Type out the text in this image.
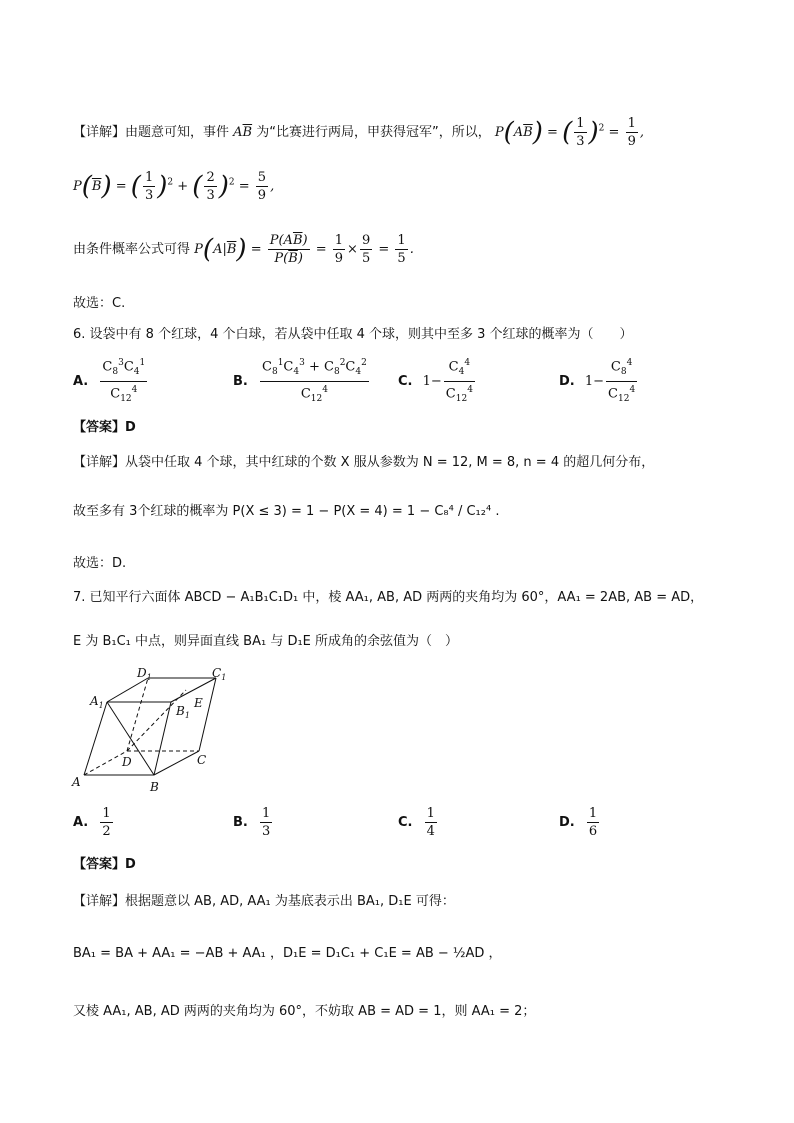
【详解】由题意可知，事件 $A\overline{B}$ 为“比赛进行两局，甲获得冠军”，所以， $P(A\overline{B})$ = ( $\frac{1}{3} )^2 = \frac{1}{9}$ ,
$P(\overline{B})$ = ( $\frac{1}{3} )^2$ + ( $\frac{2}{3} )^2 = \frac{5}{9}$ ,
由条件概率公式可得 $P(A|\overline{B}) = \frac{P(A\overline{B})}{P(\overline{B})} = \frac{1}{9} \times \frac{9}{5} = \frac{1}{5}$ .
故选：C.
6. 设袋中有 8 个红球，4 个白球，若从袋中任取 4 个球，则其中至多 3 个红球的概率为（　　）
A. $\frac{C_8^3C_4^1}{C_{12}^4}$	B. $\frac{C_8^1C_4^3 + C_8^2C_4^2}{C_{12}^4} C$. $1- \frac{C_4^4}{C_{12}^4}$	D. $1- \frac{C_8^4}{C_{12}^4}$
【答案】D
【详解】从袋中任取 4 个球，其中红球的个数 X 服从参数为 N = 12, M = 8, n = 4 的超几何分布，
故至多有 3个红球的概率为 P(X ≤ 3) = 1 − P(X = 4) = 1 − C₈⁴ / C₁₂⁴ .
故选：D.
7. 已知平行六面体 ABCD − A₁B₁C₁D₁ 中，棱 AA₁, AB, AD 两两的夹角均为 60°，AA₁ = 2AB, AB = AD，
E 为 B₁C₁ 中点，则异面直线 BA₁ 与 D₁E 所成角的余弦值为（　）
$D_1$	$C_1$
$A_1$	$B_1$
E
D	C
A	B
A. $\frac{1}{2}$	B. $\frac{1}{3}$	C. $\frac{1}{4}$	D. $\frac{1}{6}$
【答案】D
【详解】根据题意以 AB, AD, AA₁ 为基底表示出 BA₁, D₁E 可得：
BA₁ = BA + AA₁ = −AB + AA₁ ，D₁E = D₁C₁ + C₁E = AB − ½AD ，
又棱 AA₁, AB, AD 两两的夹角均为 60°，不妨取 AB = AD = 1，则 AA₁ = 2；
